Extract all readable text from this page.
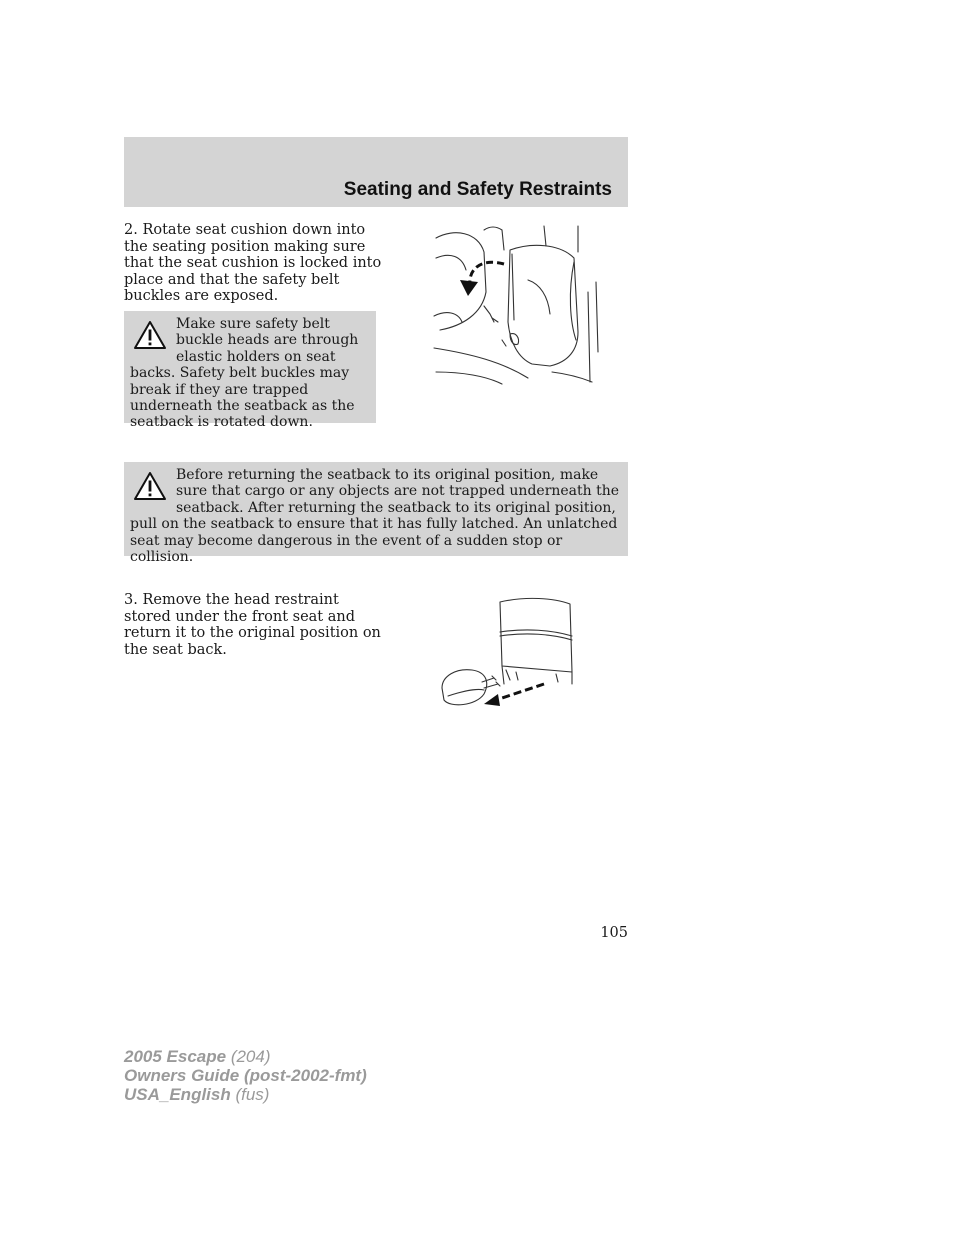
Seating and Safety Restraints
2. Rotate seat cushion down into the seating position making sure that the seat cushion is locked into place and that the safety belt buckles are exposed.
Make sure safety belt buckle heads are through elastic holders on seat backs. Safety belt buckles may break if they are trapped underneath the seatback as the seatback is rotated down.
Before returning the seatback to its original position, make sure that cargo or any objects are not trapped underneath the seatback. After returning the seatback to its original position, pull on the seatback to ensure that it has fully latched. An unlatched seat may become dangerous in the event of a sudden stop or collision.
3. Remove the head restraint stored under the front seat and return it to the original position on the seat back.
105
2005 Escape (204)
Owners Guide (post-2002-fmt)
USA_English (fus)
